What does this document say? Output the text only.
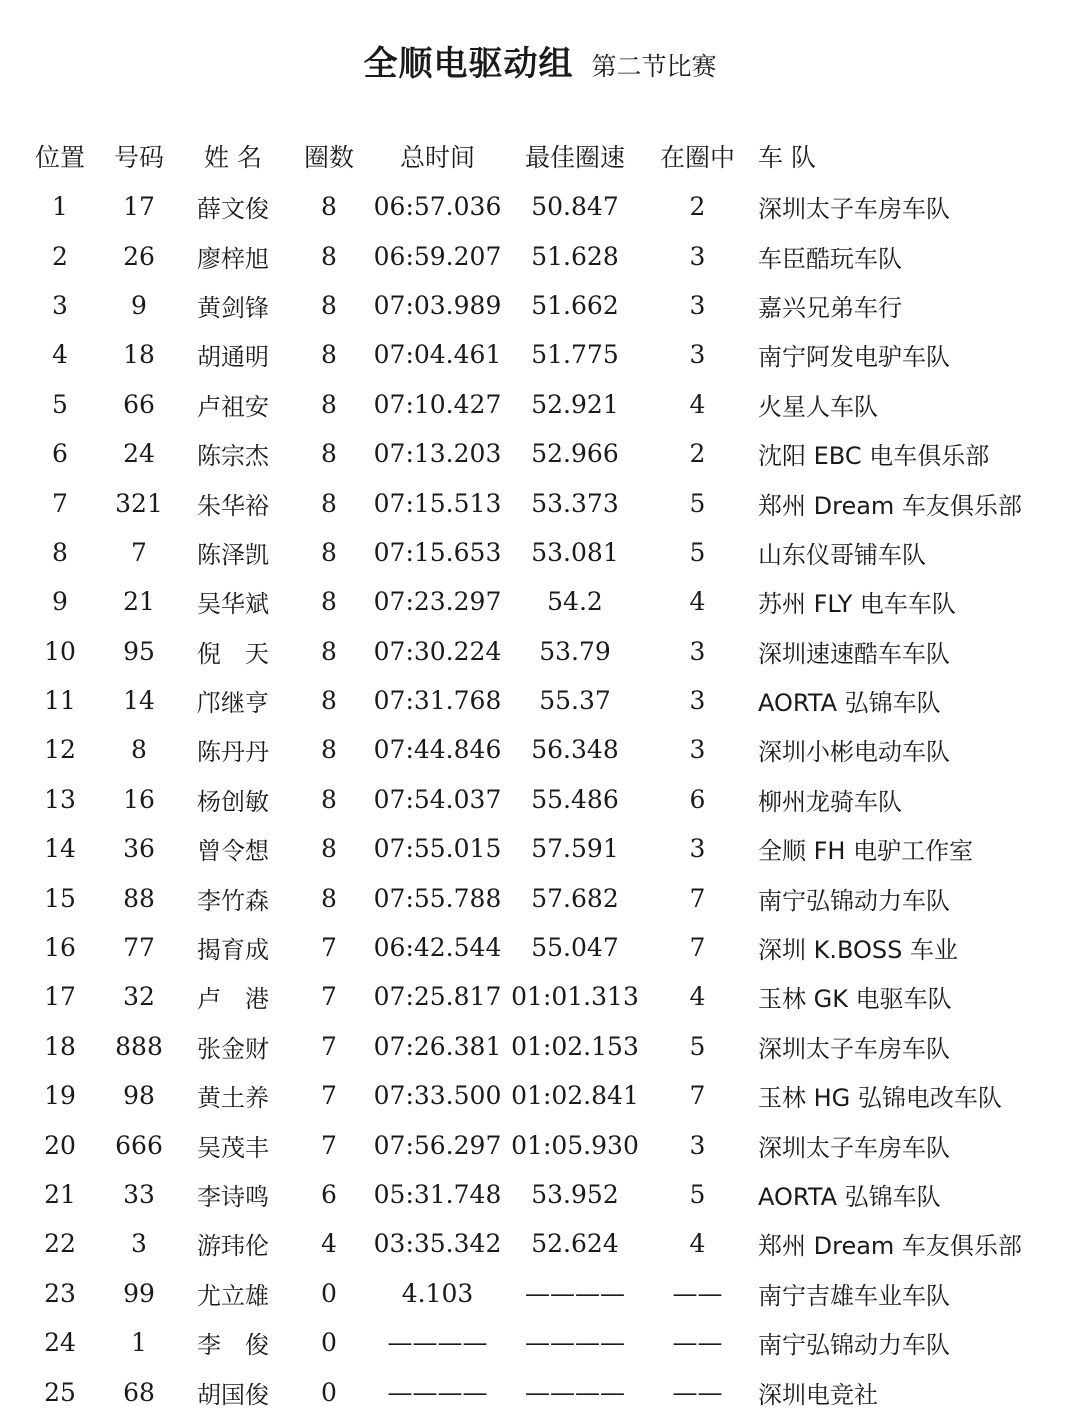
全顺电驱动组 第二节比赛
位置	号码	姓 名	圈数	总时间	最佳圈速	在圈中	车 队
1	17	薛文俊	8	06:57.036	50.847	2	深圳太子车房车队
2	26	廖梓旭	8	06:59.207	51.628	3	车臣酷玩车队
3	9	黄剑锋	8	07:03.989	51.662	3	嘉兴兄弟车行
4	18	胡通明	8	07:04.461	51.775	3	南宁阿发电驴车队
5	66	卢祖安	8	07:10.427	52.921	4	火星人车队
6	24	陈宗杰	8	07:13.203	52.966	2	沈阳 EBC 电车俱乐部
7	321	朱华裕	8	07:15.513	53.373	5	郑州 Dream 车友俱乐部
8	7	陈泽凯	8	07:15.653	53.081	5	山东仪哥铺车队
9	21	吴华斌	8	07:23.297	54.2	4	苏州 FLY 电车车队
10	95	倪　天	8	07:30.224	53.79	3	深圳速速酷车车队
11	14	邝继亨	8	07:31.768	55.37	3	AORTA 弘锦车队
12	8	陈丹丹	8	07:44.846	56.348	3	深圳小彬电动车队
13	16	杨创敏	8	07:54.037	55.486	6	柳州龙骑车队
14	36	曾令想	8	07:55.015	57.591	3	全顺 FH 电驴工作室
15	88	李竹森	8	07:55.788	57.682	7	南宁弘锦动力车队
16	77	揭育成	7	06:42.544	55.047	7	深圳 K.BOSS 车业
17	32	卢　港	7	07:25.817	01:01.313	4	玉林 GK 电驱车队
18	888	张金财	7	07:26.381	01:02.153	5	深圳太子车房车队
19	98	黄土养	7	07:33.500	01:02.841	7	玉林 HG 弘锦电改车队
20	666	吴茂丰	7	07:56.297	01:05.930	3	深圳太子车房车队
21	33	李诗鸣	6	05:31.748	53.952	5	AORTA 弘锦车队
22	3	游玮伦	4	03:35.342	52.624	4	郑州 Dream 车友俱乐部
23	99	尤立雄	0	4.103	————	——	南宁吉雄车业车队
24	1	李　俊	0	————	————	——	南宁弘锦动力车队
25	68	胡国俊	0	————	————	——	深圳电竞社
